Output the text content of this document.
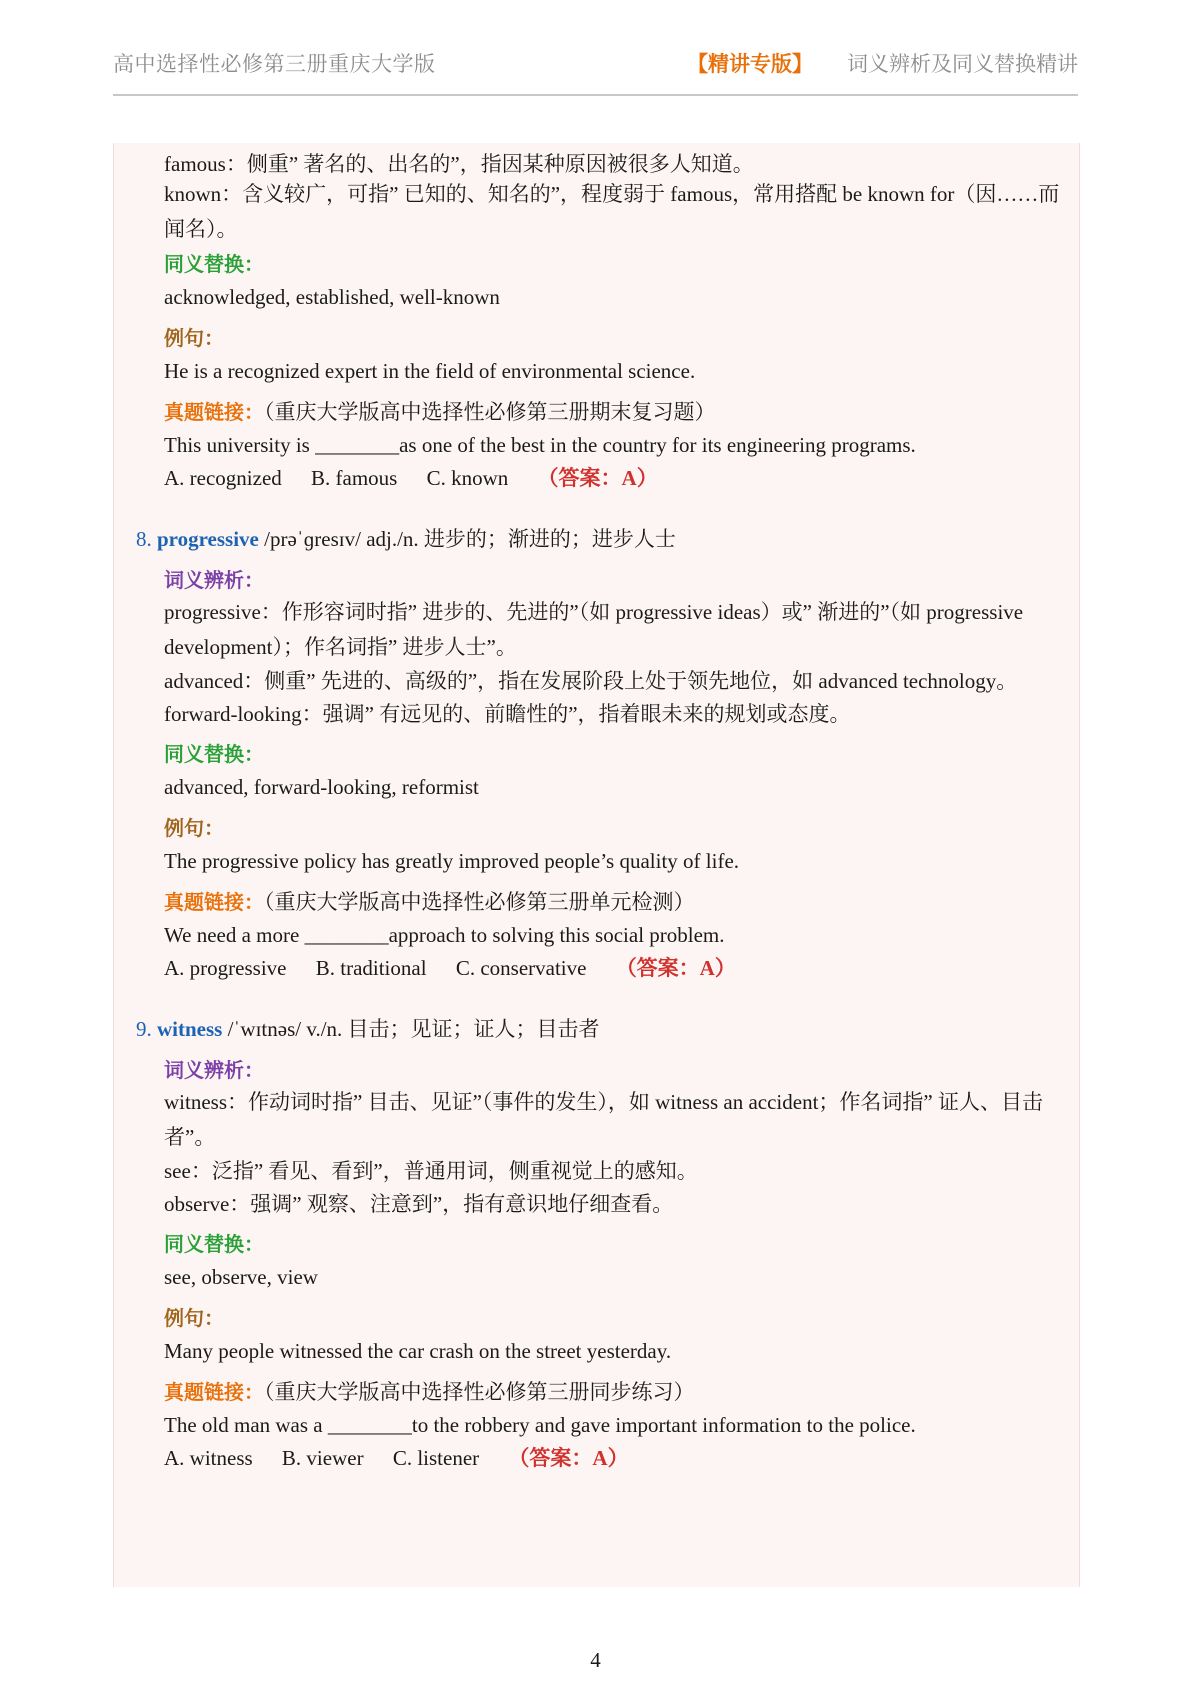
高中选择性必修第三册重庆大学版	【精讲专版】 词义辨析及同义替换精讲
famous：侧重” 著名的、出名的”，指因某种原因被很多人知道。
known：含义较广，可指” 已知的、知名的”，程度弱于 famous，常用搭配 be known for（因……而闻名）。
同义替换：
acknowledged, established, well-known
例句：
He is a recognized expert in the field of environmental science.
真题链接：（重庆大学版高中选择性必修第三册期末复习题）
This university is ________as one of the best in the country for its engineering programs.
A. recognized B. famous C. known （答案：A）
8. progressive /prəˈɡresɪv/ adj./n. 进步的；渐进的；进步人士
词义辨析：
progressive：作形容词时指” 进步的、先进的”（如 progressive ideas）或” 渐进的”（如 progressive development）；作名词指” 进步人士”。
advanced：侧重” 先进的、高级的”，指在发展阶段上处于领先地位，如 advanced technology。
forward-looking：强调” 有远见的、前瞻性的”，指着眼未来的规划或态度。
同义替换：
advanced, forward-looking, reformist
例句：
The progressive policy has greatly improved people’s quality of life.
真题链接：（重庆大学版高中选择性必修第三册单元检测）
We need a more ________approach to solving this social problem.
A. progressive B. traditional C. conservative （答案：A）
9. witness /ˈwɪtnəs/ v./n. 目击；见证；证人；目击者
词义辨析：
witness：作动词时指” 目击、见证”（事件的发生），如 witness an accident；作名词指” 证人、目击者”。
see：泛指” 看见、看到”，普通用词，侧重视觉上的感知。
observe：强调” 观察、注意到”，指有意识地仔细查看。
同义替换：
see, observe, view
例句：
Many people witnessed the car crash on the street yesterday.
真题链接：（重庆大学版高中选择性必修第三册同步练习）
The old man was a ________to the robbery and gave important information to the police.
A. witness B. viewer C. listener （答案：A）
4
